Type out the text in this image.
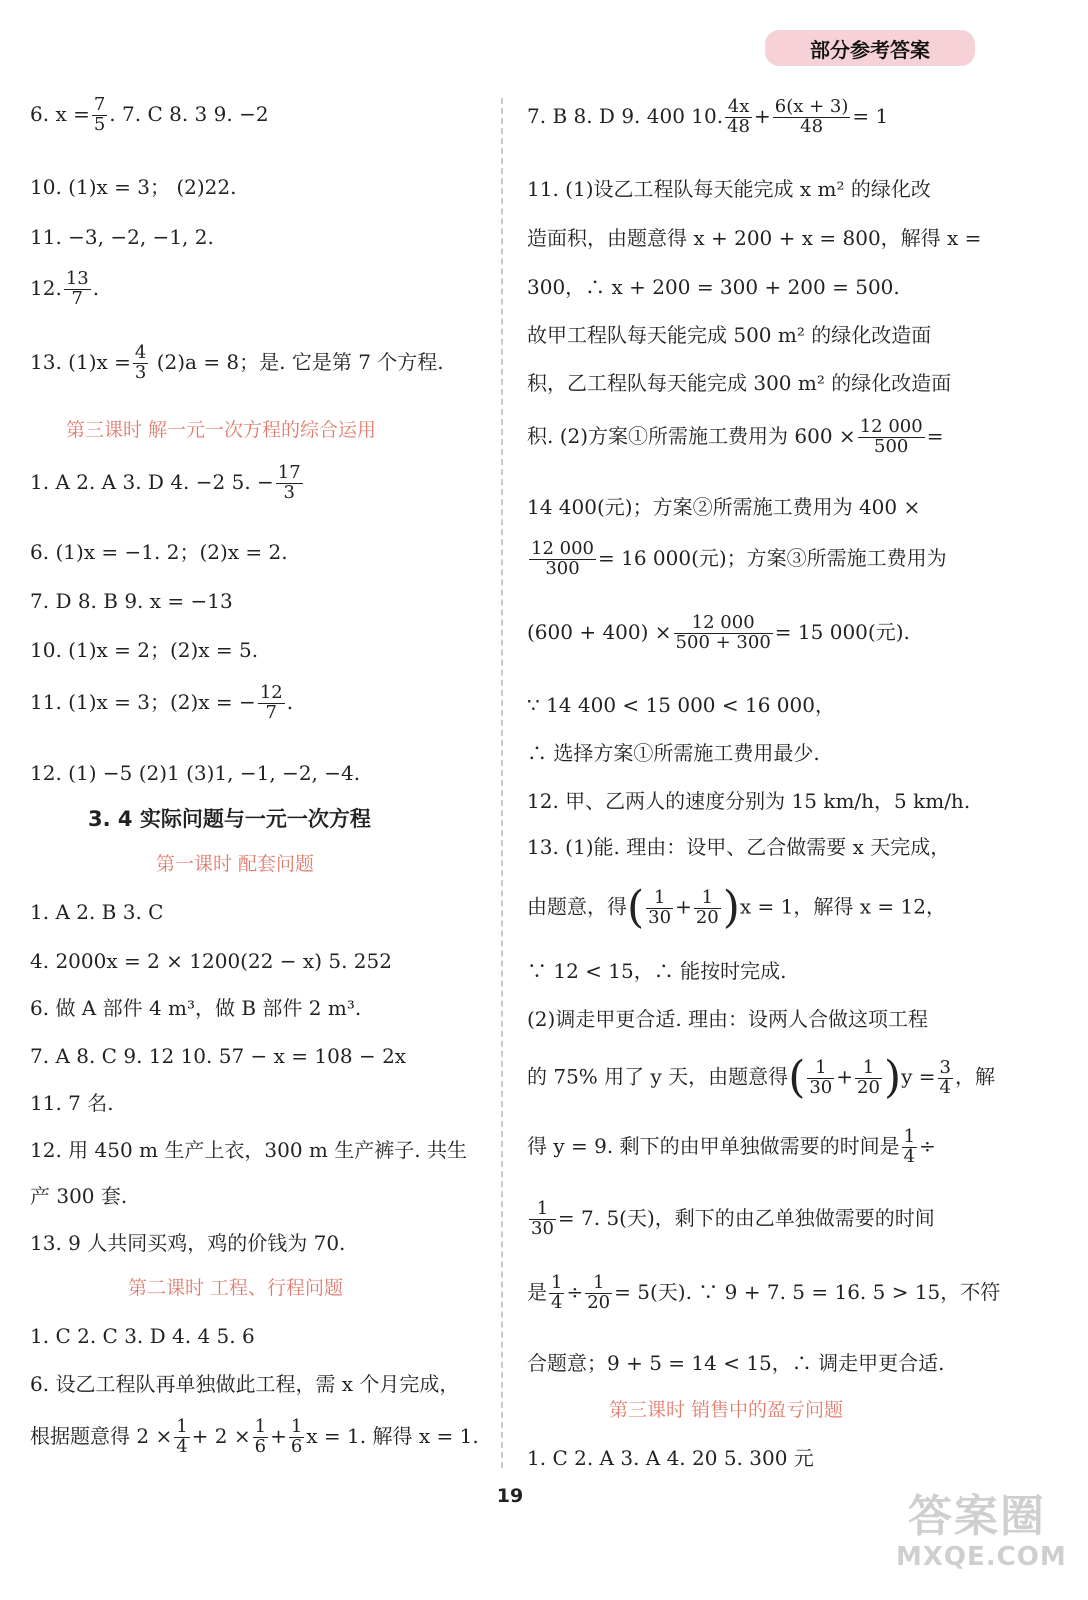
部分参考答案
6. $x = \frac{7}{5}$ . 7. C 8. 3 9. −2
10. (1)x = 3； (2)22.
11. −3, −2, −1, 2.
12. $\frac{13}{7}$ .
13. $(1)x = \frac{4}{3} (2)a = 8$；是. 它是第 7 个方程.
第三课时 解一元一次方程的综合运用
1. A 2. A 3. D 4. −2 5. − $\frac{17}{3}$
6. (1)x = −1. 2；(2)x = 2.
7. D 8. B 9. x = −13
10. (1)x = 2；(2)x = 5.
11. (1)x = 3；(2)x = − $\frac{12}{7}$ .
12. (1) −5 (2)1 (3)1, −1, −2, −4.
3. 4 实际问题与一元一次方程
第一课时 配套问题
1. A 2. B 3. C
4. 2000x = 2 × 1200(22 − x) 5. 252
6. 做 A 部件 4 m³，做 B 部件 2 m³.
7. A 8. C 9. 12 10. 57 − x = 108 − 2x
11. 7 名.
12. 用 450 m 生产上衣，300 m 生产裤子. 共生
产 300 套.
13. 9 人共同买鸡，鸡的价钱为 70.
第二课时 工程、行程问题
1. C 2. C 3. D 4. 4 5. 6
6. 设乙工程队再单独做此工程，需 x 个月完成，
根据题意得 $2 \times \frac{1}{4} + 2 \times \frac{1}{6} + \frac{1}{6}$ x = 1. 解得 x = 1.
7. B 8. D 9. 400 10. $\frac{4x}{48} + \frac{6(x + 3)}{48} = 1$
11. (1)设乙工程队每天能完成 x m² 的绿化改
造面积，由题意得 x + 200 + x = 800，解得 x =
300，∴ x + 200 = 300 + 200 = 500.
故甲工程队每天能完成 500 m² 的绿化改造面
积，乙工程队每天能完成 300 m² 的绿化改造面
积. (2)方案①所需施工费用为 $600 \times \frac{12 000}{500}$ =
14 400(元)；方案②所需施工费用为 400 ×
$\frac{12 000}{300} = 16$ 000(元)；方案③所需施工费用为
$(600 + 400) \times \frac{12 000}{500 + 300} = 15$ 000(元).
∵ 14 400 < 15 000 < 16 000，
∴ 选择方案①所需施工费用最少.
12. 甲、乙两人的速度分别为 15 km/h，5 km/h.
13. (1)能. 理由：设甲、乙合做需要 x 天完成，
由题意，得( $\frac{1}{30} + \frac{1}{20} )x = 1$，解得 x = 12，
∵ 12 < 15，∴ 能按时完成.
(2)调走甲更合适. 理由：设两人合做这项工程
的 75% 用了 y 天，由题意得( $\frac{1}{30} + \frac{1}{20} )y = \frac{3}{4}$ ，解
得 y = 9. 剩下的由甲单独做需要的时间是 $\frac{1}{4}$ ÷
$\frac{1}{30} = 7$. 5(天)，剩下的由乙单独做需要的时间
是 $\frac{1}{4} \div \frac{1}{20} = 5$(天). ∵ 9 + 7. 5 = 16. 5 > 15，不符
合题意；9 + 5 = 14 < 15，∴ 调走甲更合适.
第三课时 销售中的盈亏问题
1. C 2. A 3. A 4. 20 5. 300 元
19	答案圈
MXQE.COM
